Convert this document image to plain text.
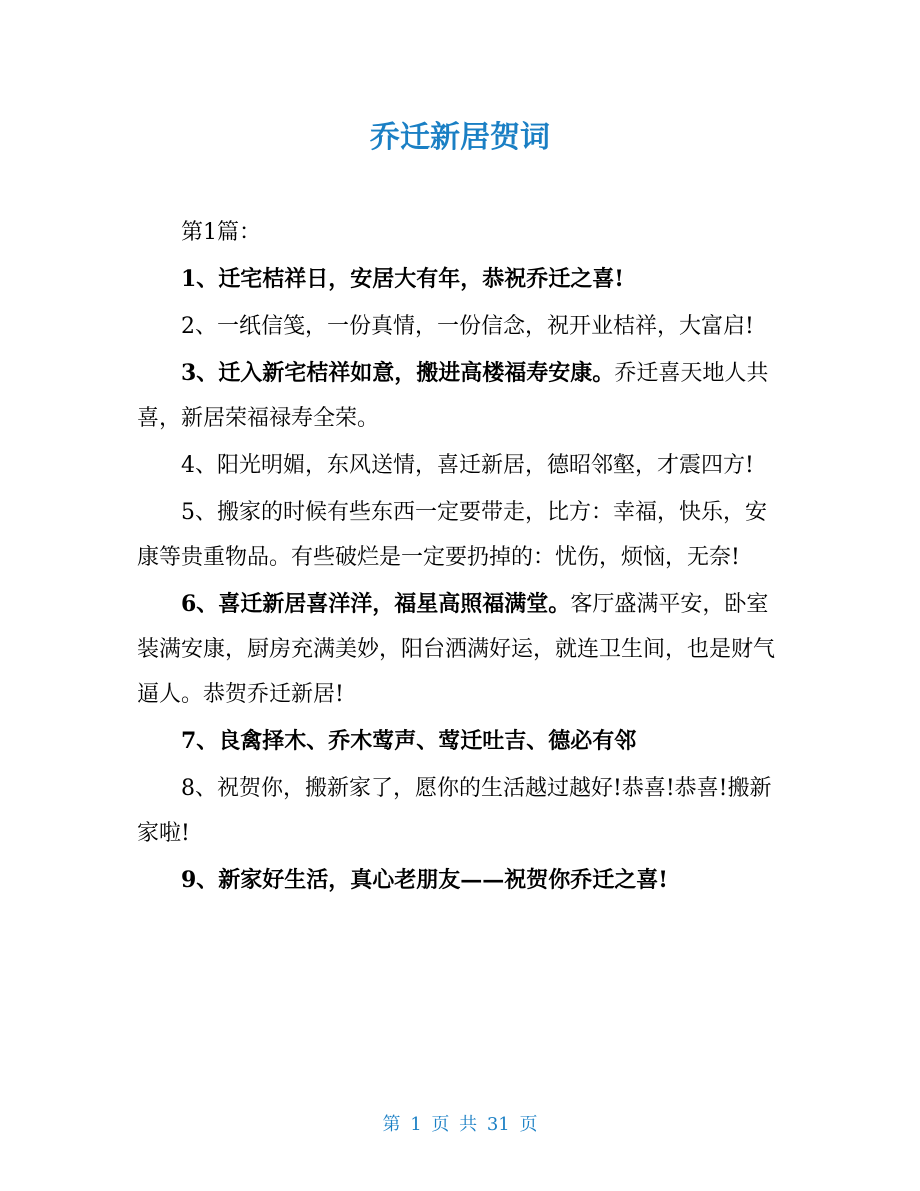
乔迁新居贺词

第1篇：

1、迁宅桔祥日，安居大有年，恭祝乔迁之喜!

2、一纸信笺，一份真情，一份信念，祝开业桔祥，大富启!

3、迁入新宅桔祥如意，搬进高楼福寿安康。乔迁喜天地人共喜，新居荣福禄寿全荣。

4、阳光明媚，东风送情，喜迁新居，德昭邻壑，才震四方!

5、搬家的时候有些东西一定要带走，比方：幸福，快乐，安康等贵重物品。有些破烂是一定要扔掉的：忧伤，烦恼，无奈!

6、喜迁新居喜洋洋，福星高照福满堂。客厅盛满平安，卧室装满安康，厨房充满美妙，阳台洒满好运，就连卫生间，也是财气逼人。恭贺乔迁新居!

7、良禽择木、乔木莺声、莺迁吐吉、德必有邻

8、祝贺你，搬新家了，愿你的生活越过越好!恭喜!恭喜!搬新家啦!

9、新家好生活，真心老朋友——祝贺你乔迁之喜!

第 1 页 共 31 页
